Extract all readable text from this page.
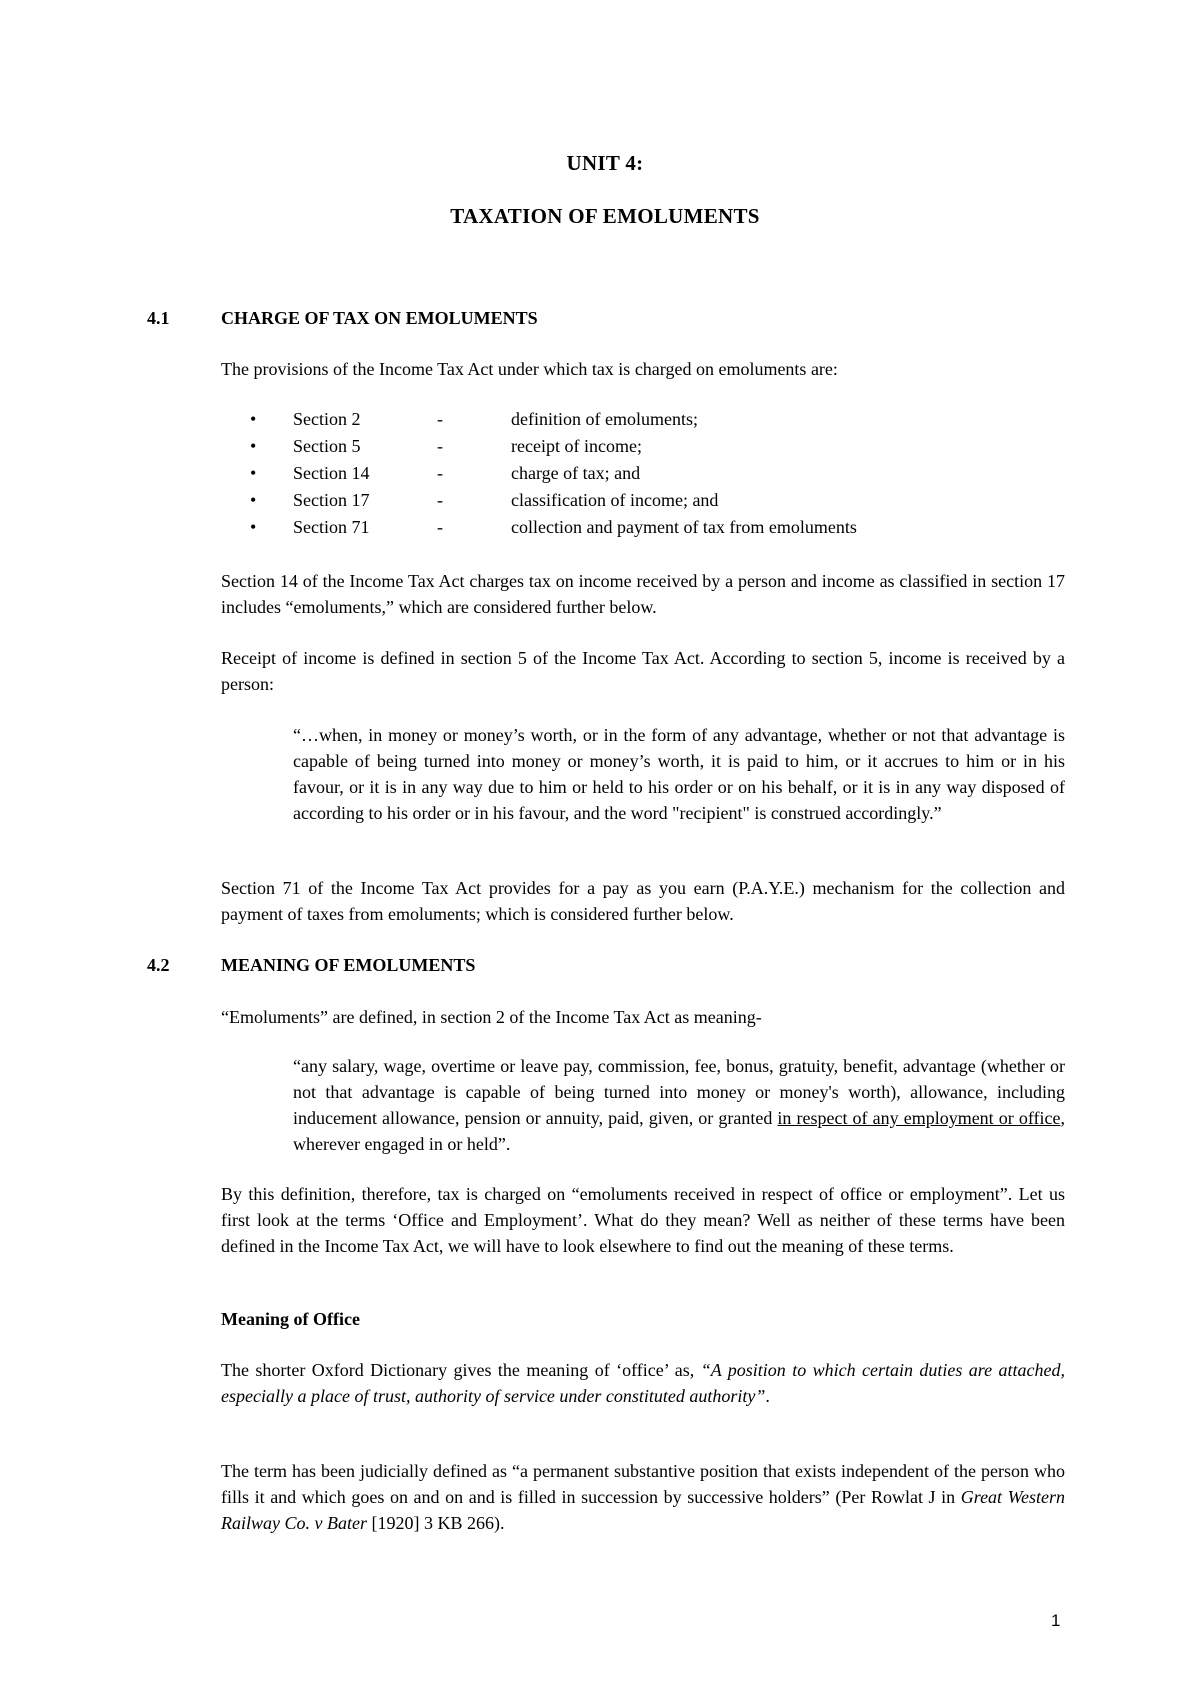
UNIT 4:
TAXATION OF EMOLUMENTS
4.1	CHARGE OF TAX ON EMOLUMENTS
The provisions of the Income Tax Act under which tax is charged on emoluments are:
• Section 2	-	definition of emoluments;
• Section 5	-	receipt of income;
• Section 14	-	charge of tax; and
• Section 17	-	classification of income; and
• Section 71	-	collection and payment of tax from emoluments
Section 14 of the Income Tax Act charges tax on income received by a person and income as classified in section 17 includes “emoluments,” which are considered further below.
Receipt of income is defined in section 5 of the Income Tax Act. According to section 5, income is received by a person:
“…when, in money or money’s worth, or in the form of any advantage, whether or not that advantage is capable of being turned into money or money’s worth, it is paid to him, or it accrues to him or in his favour, or it is in any way due to him or held to his order or on his behalf, or it is in any way disposed of according to his order or in his favour, and the word "recipient" is construed accordingly.”
Section 71 of the Income Tax Act provides for a pay as you earn (P.A.Y.E.) mechanism for the collection and payment of taxes from emoluments; which is considered further below.
4.2	MEANING OF EMOLUMENTS
“Emoluments” are defined, in section 2 of the Income Tax Act as meaning-
“any salary, wage, overtime or leave pay, commission, fee, bonus, gratuity, benefit, advantage (whether or not that advantage is capable of being turned into money or money's worth), allowance, including inducement allowance, pension or annuity, paid, given, or granted in respect of any employment or office, wherever engaged in or held”.
By this definition, therefore, tax is charged on “emoluments received in respect of office or employment”. Let us first look at the terms ‘Office and Employment’. What do they mean? Well as neither of these terms have been defined in the Income Tax Act, we will have to look elsewhere to find out the meaning of these terms.
Meaning of Office
The shorter Oxford Dictionary gives the meaning of ‘office’ as, “A position to which certain duties are attached, especially a place of trust, authority of service under constituted authority”.
The term has been judicially defined as “a permanent substantive position that exists independent of the person who fills it and which goes on and on and is filled in succession by successive holders” (Per Rowlat J in Great Western Railway Co. v Bater [1920] 3 KB 266).
1
